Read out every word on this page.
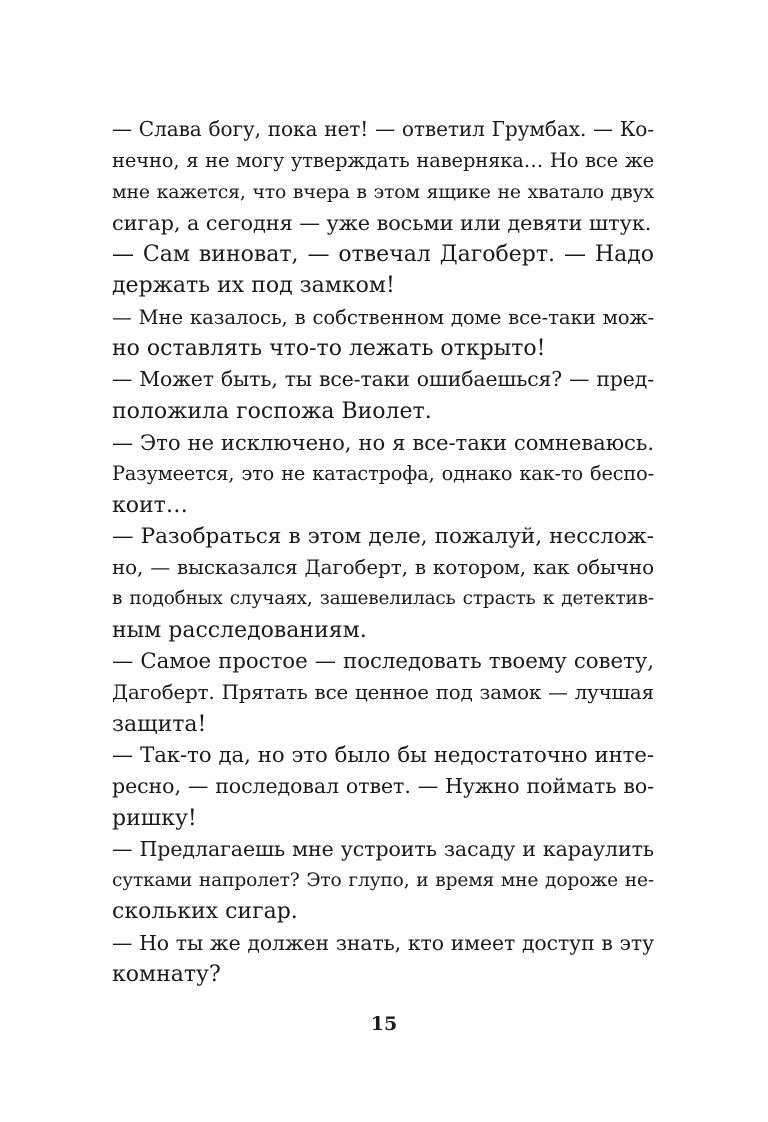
— Слава богу, пока нет! — ответил Грумбах. — Ко-
нечно, я не могу утверждать наверняка… Но все же
мне кажется, что вчера в этом ящике не хватало двух
сигар, а сегодня — уже восьми или девяти штук.
— Сам виноват, — отвечал Дагоберт. — Надо
держать их под замком!
— Мне казалось, в собственном доме все-таки мож-
но оставлять что-то лежать открыто!
— Может быть, ты все-таки ошибаешься? — пред-
положила госпожа Виолет.
— Это не исключено, но я все-таки сомневаюсь.
Разумеется, это не катастрофа, однако как-то беспо-
коит…
— Разобраться в этом деле, пожалуй, несслож-
но, — высказался Дагоберт, в котором, как обычно
в подобных случаях, зашевелилась страсть к детектив-
ным расследованиям.
— Самое простое — последовать твоему совету,
Дагоберт. Прятать все ценное под замок — лучшая
защита!
— Так-то да, но это было бы недостаточно инте-
ресно, — последовал ответ. — Нужно поймать во-
ришку!
— Предлагаешь мне устроить засаду и караулить
сутками напролет? Это глупо, и время мне дороже не-
скольких сигар.
— Но ты же должен знать, кто имеет доступ в эту
комнату?
15
